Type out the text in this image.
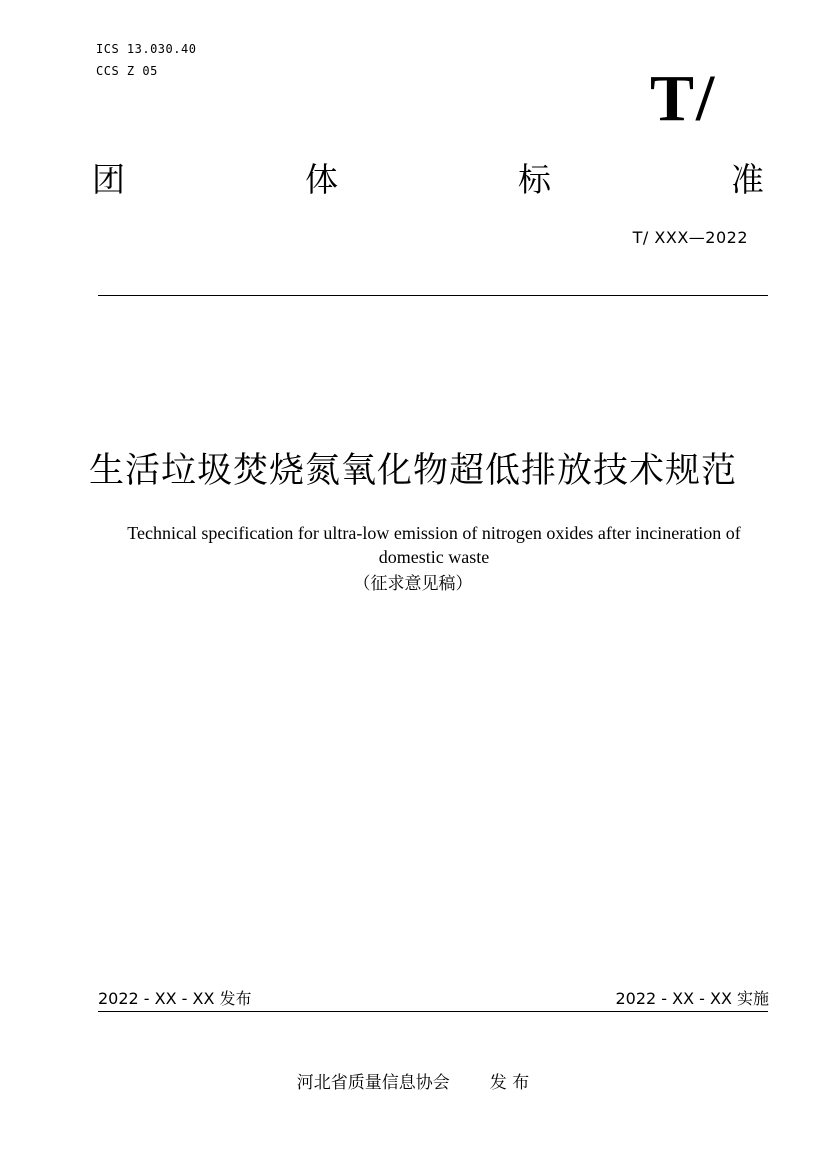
ICS 13.030.40
CCS Z 05	T/
团	体	标	准
T/ XXX—2022
生活垃圾焚烧氮氧化物超低排放技术规范
Technical specification for ultra-low emission of nitrogen oxides after incineration of domestic waste
（征求意见稿）
2022 - XX - XX 发布	2022 - XX - XX 实施
河北省质量信息协会 发 布
